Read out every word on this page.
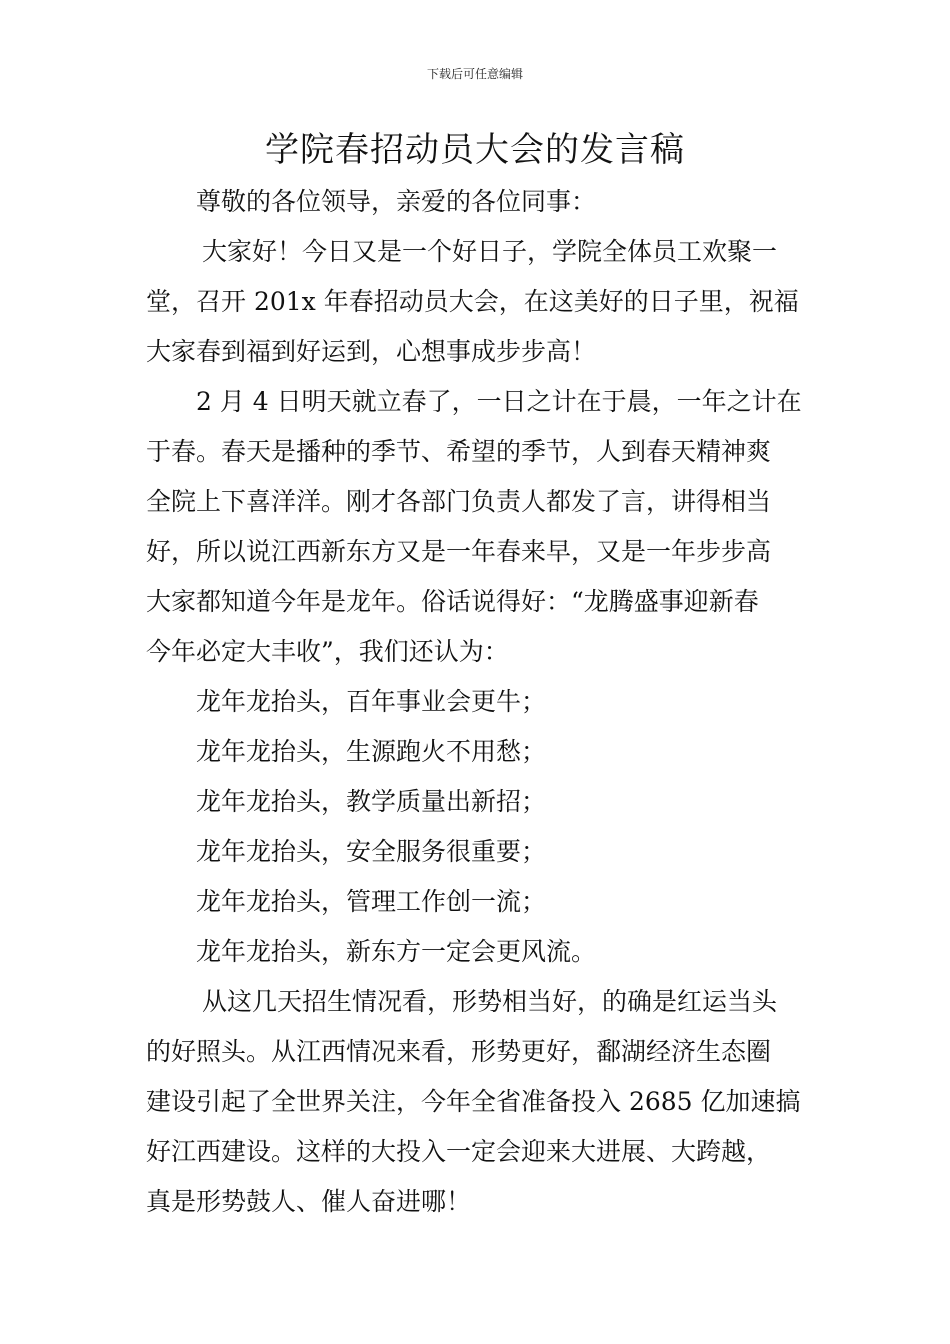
下载后可任意编辑
学院春招动员大会的发言稿

尊敬的各位领导，亲爱的各位同事：

大家好！今日又是一个好日子，学院全体员工欢聚一
堂，召开 201x 年春招动员大会，在这美好的日子里，祝福
大家春到福到好运到，心想事成步步高！
2 月 4 日明天就立春了，一日之计在于晨，一年之计在
于春。春天是播种的季节、希望的季节，人到春天精神爽
全院上下喜洋洋。刚才各部门负责人都发了言，讲得相当
好，所以说江西新东方又是一年春来早，又是一年步步高
大家都知道今年是龙年。俗话说得好：“龙腾盛事迎新春
今年必定大丰收”，我们还认为：

龙年龙抬头，百年事业会更牛；

龙年龙抬头，生源跑火不用愁；

龙年龙抬头，教学质量出新招；

龙年龙抬头，安全服务很重要；

龙年龙抬头，管理工作创一流；

龙年龙抬头，新东方一定会更风流。

从这几天招生情况看，形势相当好，的确是红运当头
的好照头。从江西情况来看，形势更好，鄱湖经济生态圈
建设引起了全世界关注，今年全省准备投入 2685 亿加速搞
好江西建设。这样的大投入一定会迎来大进展、大跨越，
真是形势鼓人、催人奋进哪！
